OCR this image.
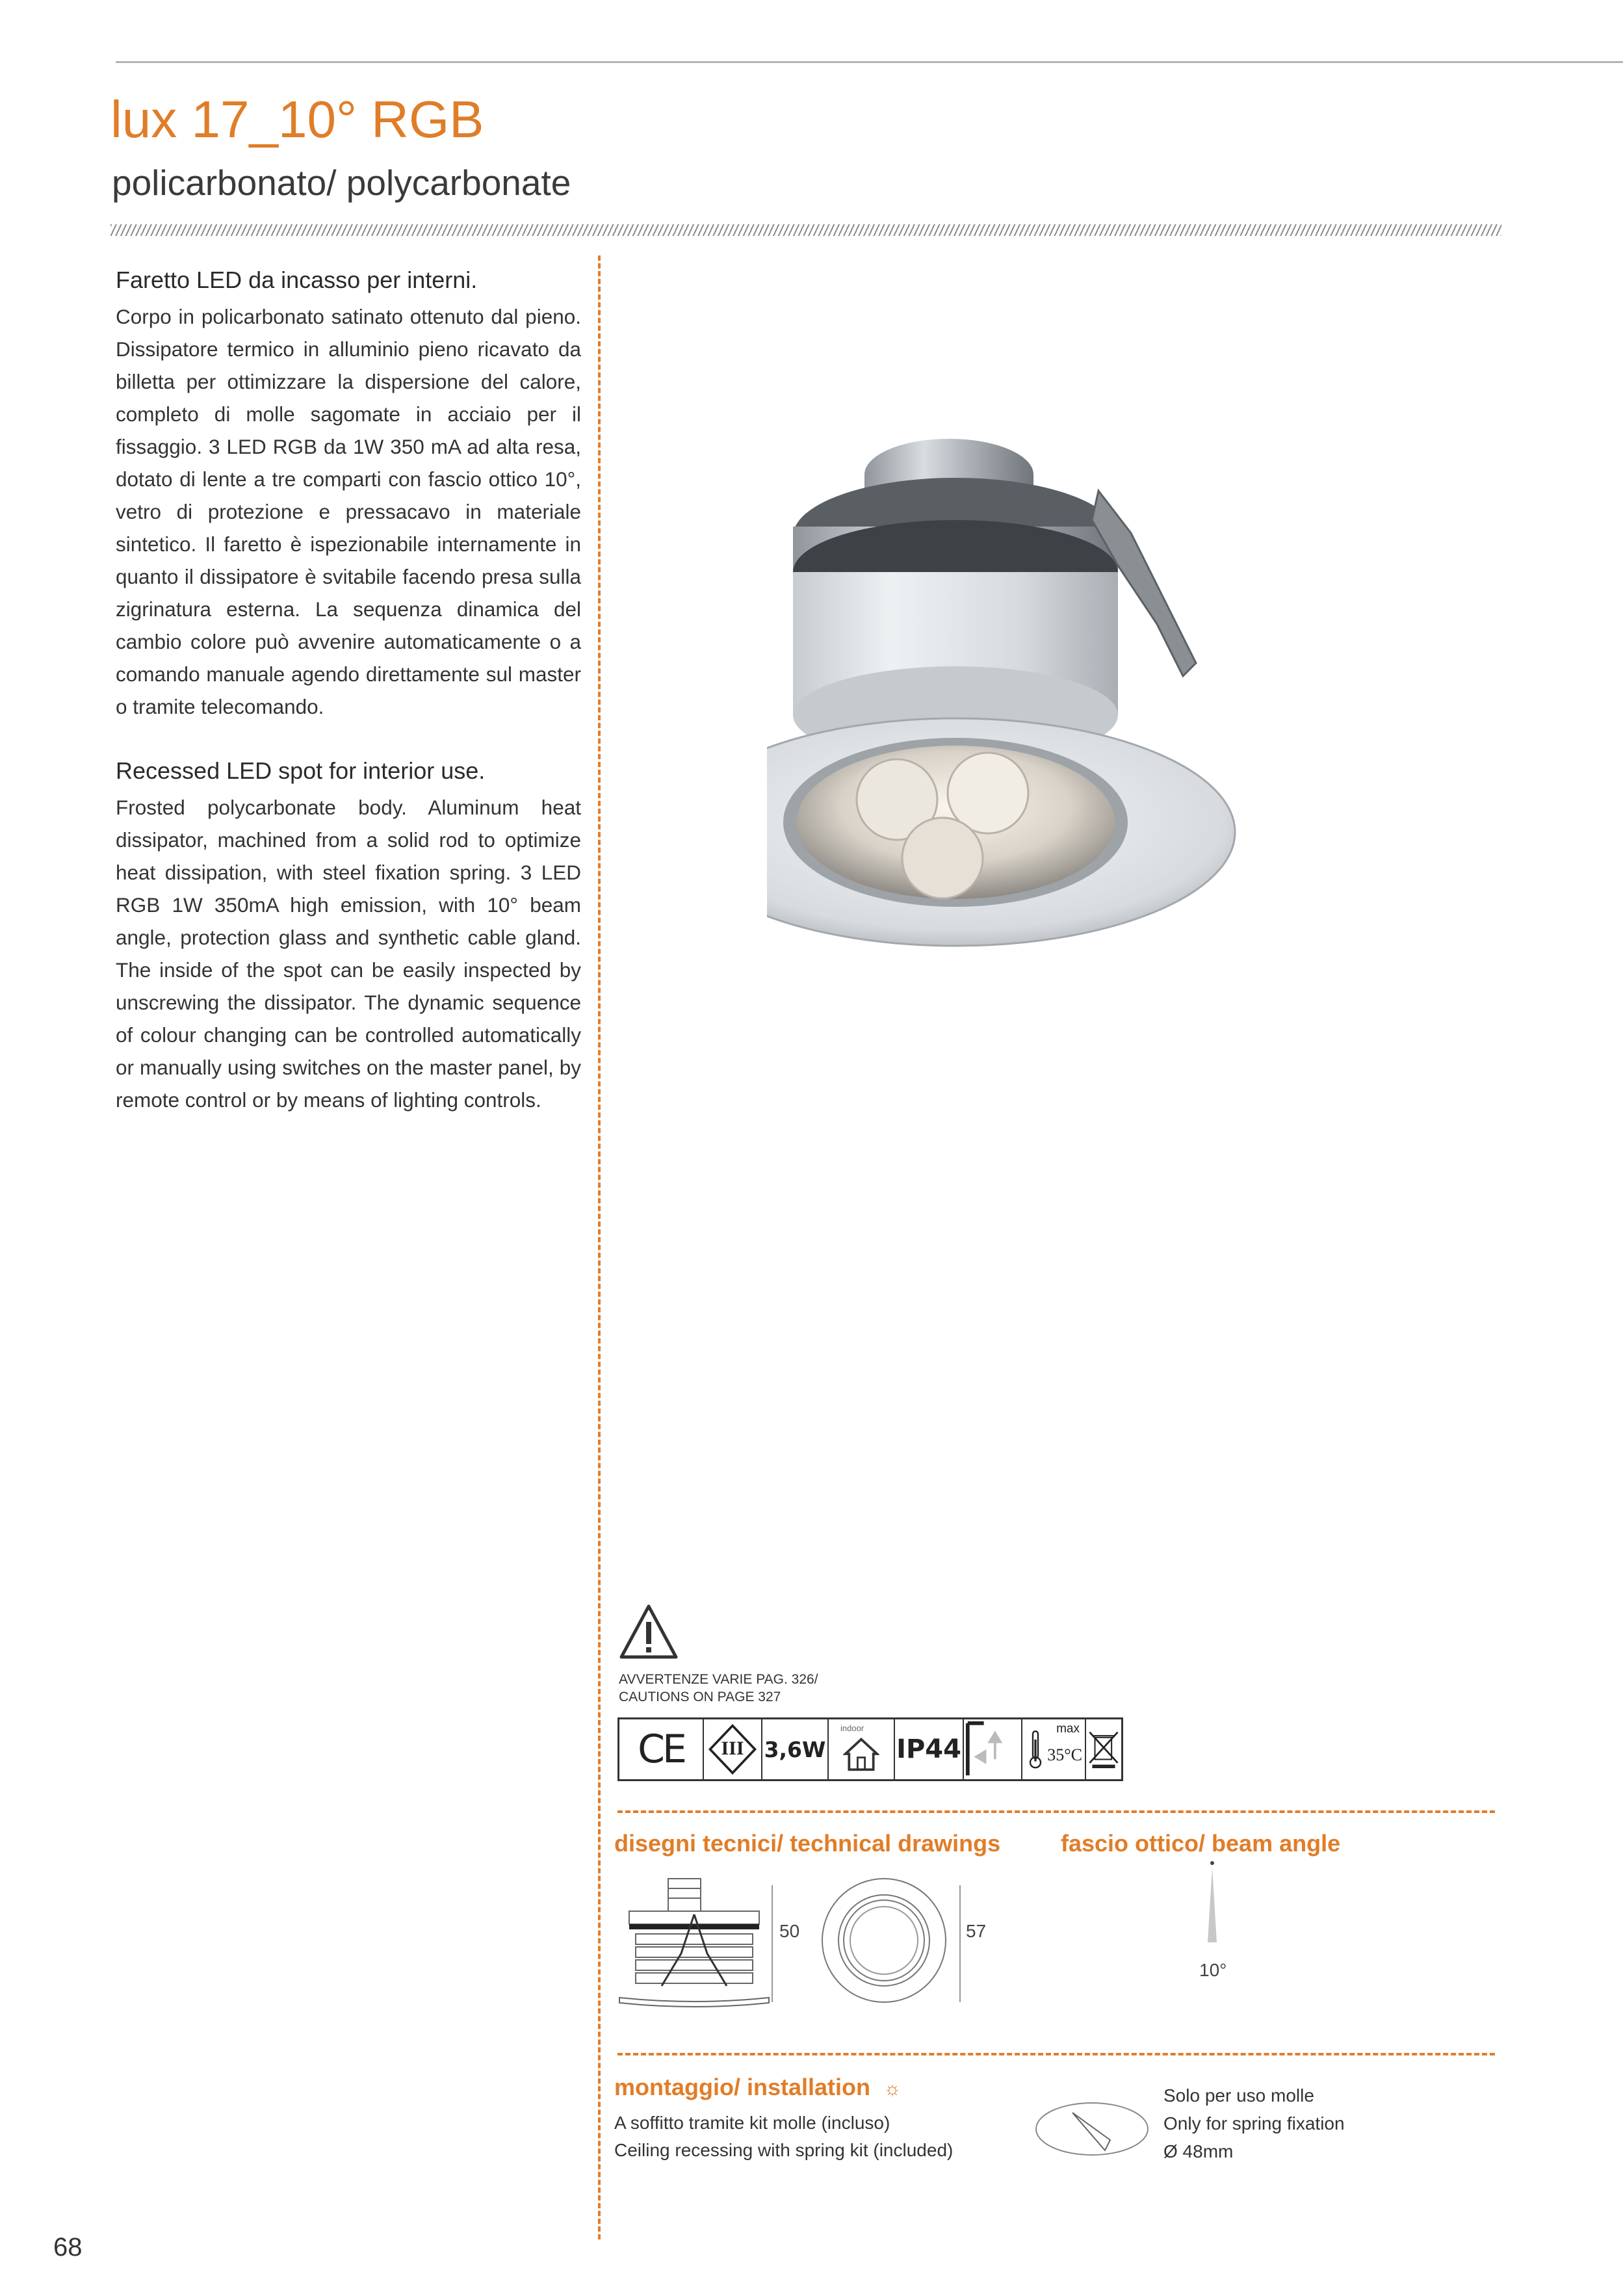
lux 17_10° RGB
policarbonato/ polycarbonate
Faretto LED da incasso per interni.
Corpo in policarbonato satinato ottenuto dal pieno. Dissipatore termico in alluminio pieno ricavato da billetta per ottimizzare la dispersione del calore, completo di molle sagomate in acciaio per il fissaggio. 3 LED RGB da 1W 350 mA ad alta resa, dotato di lente a tre comparti con fascio ottico 10°, vetro di protezione e pressacavo in materiale sintetico. Il faretto è ispezionabile internamente in quanto il dissipatore è svitabile facendo presa sulla zigrinatura esterna. La sequenza dinamica del cambio colore può avvenire automaticamente o a comando manuale agendo direttamente sul master o tramite telecomando.
Recessed LED spot for interior use.
Frosted polycarbonate body. Aluminum heat dissipator, machined from a solid rod to optimize heat dissipation, with steel fixation spring. 3 LED RGB 1W 350mA high emission, with 10° beam angle, protection glass and synthetic cable gland. The inside of the spot can be easily inspected by unscrewing the dissipator. The dynamic sequence of colour changing can be controlled automatically or manually using switches on the master panel, by remote control or by means of lighting controls.
AVVERTENZE VARIE PAG. 326/
CAUTIONS ON PAGE 327
CE	III 3,6W
indoor
IP44
max
35°C
disegni tecnici/ technical drawings	fascio ottico/ beam angle
50	57
10°
montaggio/ installation ☼
A soffitto tramite kit molle (incluso)
Ceiling recessing with spring kit (included)
Solo per uso molle
Only for spring fixation
Ø 48mm
68
